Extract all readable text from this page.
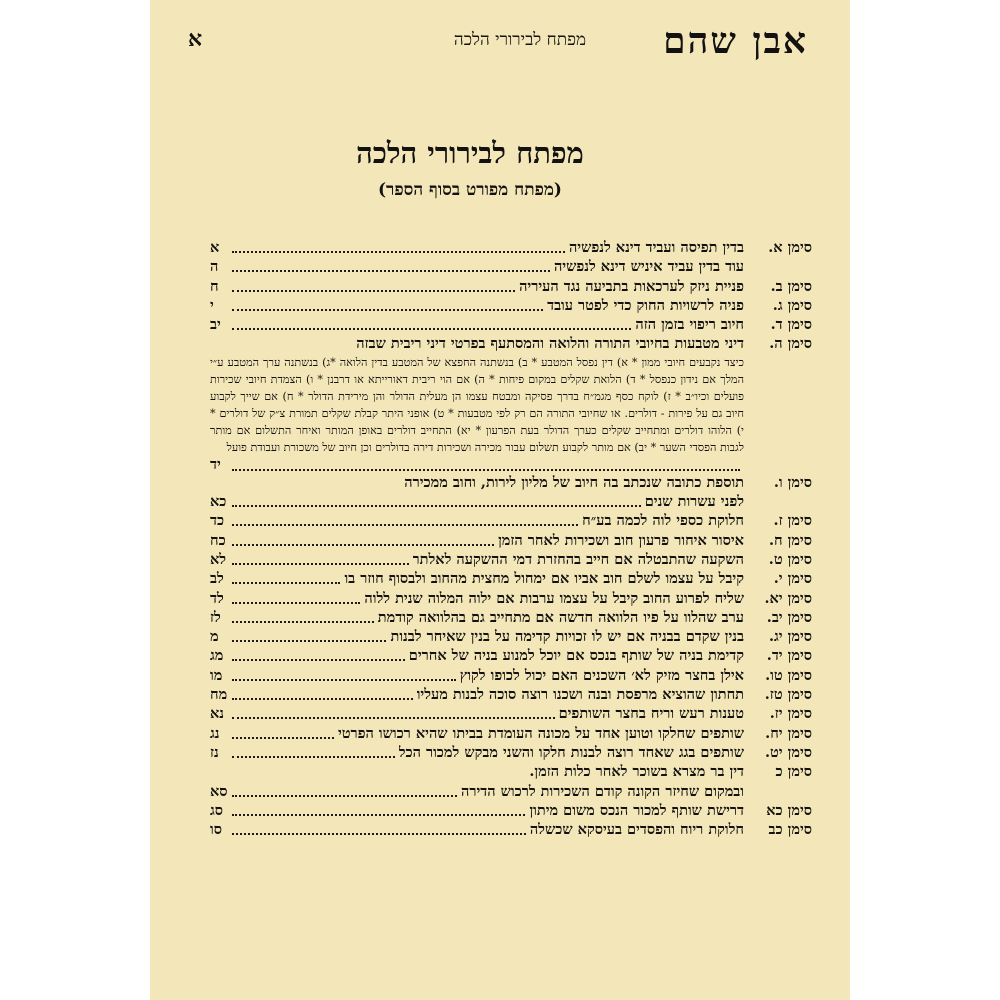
א	מפתח לבירורי הלכה	אבן שהם
מפתח לבירורי הלכה
(מפתח מפורט בסוף הספר)
סימן א.
בדין תפיסה ועביד דינא לנפשיה
א
עוד בדין עביד איניש דינא לנפשיה
ה
סימן ב.
פניית ניזק לערכאות בתביעה נגד העיריה
ח
סימן ג.
פניה לרשויות החוק כדי לפטר עובד
י
סימן ד.
חיוב ריפוי בזמן הזה
יב
סימן ה.
דיני מטבעות בחיובי התורה והלואה והמסתעף בפרטי דיני ריבית שבזה
כיצד נקבעים חיובי ממון * א) דין נפסל המטבע * ב) בנשתנה החפצא של המטבע בדין הלואה *ג) בנשתנה ערך המטבע ע״י המלך אם נידון כנפסל * ד) הלואת שקלים במקום פיחות * ה) אם הוי ריבית דאורייתא או דרבנן * ו) הצמדת חיובי שכירות פועלים וכיו״ב * ז) לוקח כסף מגמ״ח בדרך פסיקה ומבטח עצמו הן מעלית הדולר והן מירידת הדולר * ח) אם שייך לקבוע חיוב גם על פירות - דולרים. או שחיובי התורה הם רק לפי מטבעות * ט) אופני היתר קבלת שקלים תמורת צ״ק של דולרים * י) הלוהו דולרים ומתחייב שקלים כערך הדולר בעת הפרעון * יא) התחייב דולרים באופן המותר ואיחר התשלום אם מותר לגבות הפסדי השער * יב) אם מותר לקבוע תשלום עבור מכירה ושכירות דירה בדולרים וכן חיוב של משכורת ועבודת פועל
יד
סימן ו.
תוספת כתובה שנכתב בה חיוב של מליון לירות, וחוב ממכירה
לפני עשרות שנים
כא
סימן ז.
חלוקת כספי לוה לכמה בע״ח
כד
סימן ח.
איסור איחור פרעון חוב ושכירות לאחר הזמן
כח
סימן ט.
השקעה שהתבטלה אם חייב בהחזרת דמי ההשקעה לאלתר
לא
סימן י.
קיבל על עצמו לשלם חוב אביו אם ימחול מחצית מהחוב ולבסוף חוזר בו
לב
סימן יא.
שליח לפרוע החוב קיבל על עצמו ערבות אם ילוה המלוה שנית ללוה
לד
סימן יב.
ערב שהלוו על פיו הלוואה חדשה אם מתחייב גם בהלוואה קודמת
לז
סימן יג.
בנין שקדם בבניה אם יש לו זכויות קדימה על בנין שאיחר לבנות
מ
סימן יד.
קדימת בניה של שותף בנכס אם יוכל למנוע בניה של אחרים
מג
סימן טו.
אילן בחצר מזיק לא׳ השכנים האם יכול לכופו לקוץ
מו
סימן טז.
תחתון שהוציא מרפסת ובנה ושכנו רוצה סוכה לבנות מעליו
מח
סימן יז.
טענות רעש וריח בחצר השותפים
נא
סימן יח.
שותפים שחלקו וטוען אחד על מכונה העומדת בביתו שהיא רכושו הפרטי
נג
סימן יט.
שותפים בגג שאחד רוצה לבנות חלקו והשני מבקש למכור הכל
נז
סימן כ
דין בר מצרא בשוכר לאחר כלות הזמן.
ובמקום שחיזר הקונה קודם השכירות לרכוש הדירה
סא
סימן כא
דרישת שותף למכור הנכס משום מיתון
סג
סימן כב
חלוקת ריוח והפסדים בעיסקא שכשלה
סו
